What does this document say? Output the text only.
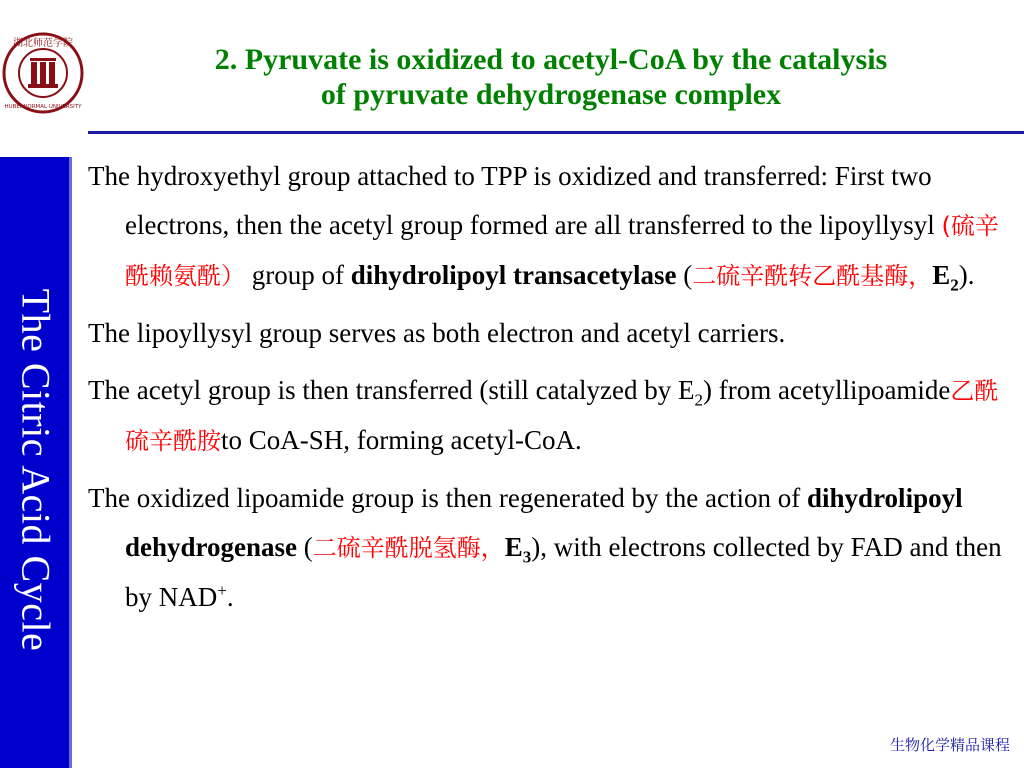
湖北师范学院
HUBEI NORMAL UNIVERSITY
2. Pyruvate is oxidized to acetyl-CoA by the catalysis
of pyruvate dehydrogenase complex
The Citric Acid Cycle

The hydroxyethyl group attached to TPP is oxidized and transferred: First two electrons, then the acetyl group formed are all transferred to the lipoyllysyl (硫辛酰赖氨酰） group of dihydrolipoyl transacetylase (二硫辛酰转乙酰基酶，$E_2$).

The lipoyllysyl group serves as both electron and acetyl carriers.

The acetyl group is then transferred (still catalyzed by $E_2$) from acetyllipoamide乙酰硫辛酰胺to CoA-SH, forming acetyl-CoA.

The oxidized lipoamide group is then regenerated by the action of dihydrolipoyl dehydrogenase (二硫辛酰脱氢酶，$E_3$), with electrons collected by FAD and then by NAD+.

生物化学精品课程
